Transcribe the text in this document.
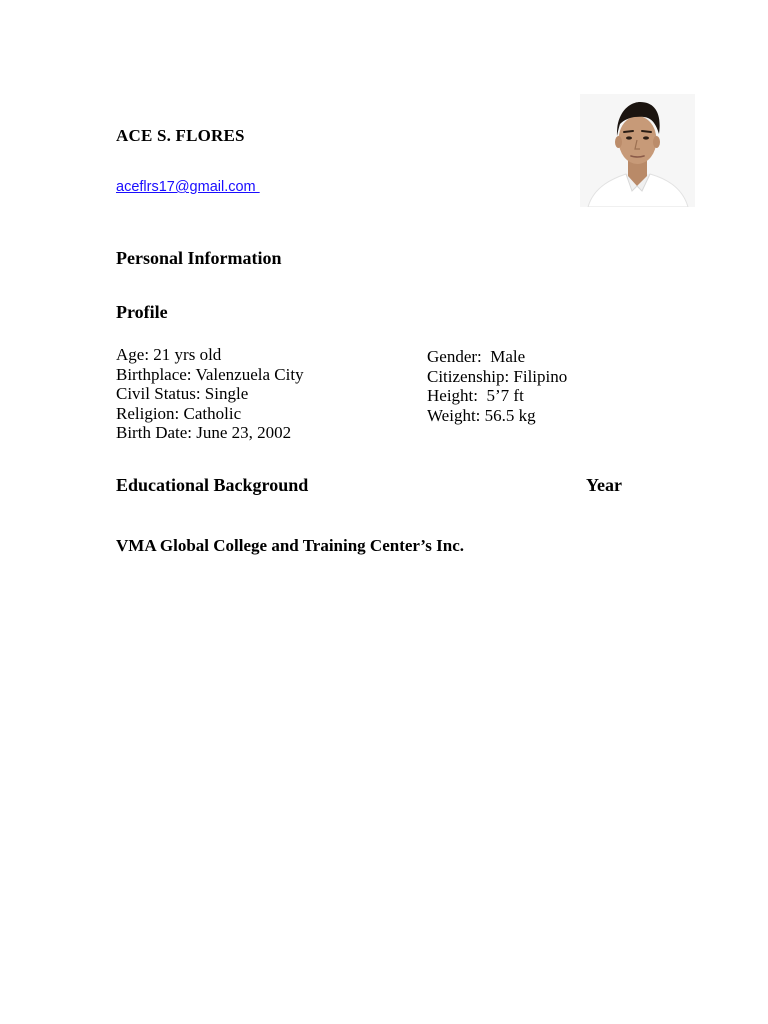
ACE S. FLORES

aceflrs17@gmail.com

Personal Information

Profile

Age: 21 yrs old
Birthplace: Valenzuela City
Civil Status: Single
Religion: Catholic
Birth Date: June 23, 2002
Gender:  Male
Citizenship: Filipino
Height:  5’7 ft
Weight: 56.5 kg

Educational Background	Year

VMA Global College and Training Center’s Inc.
